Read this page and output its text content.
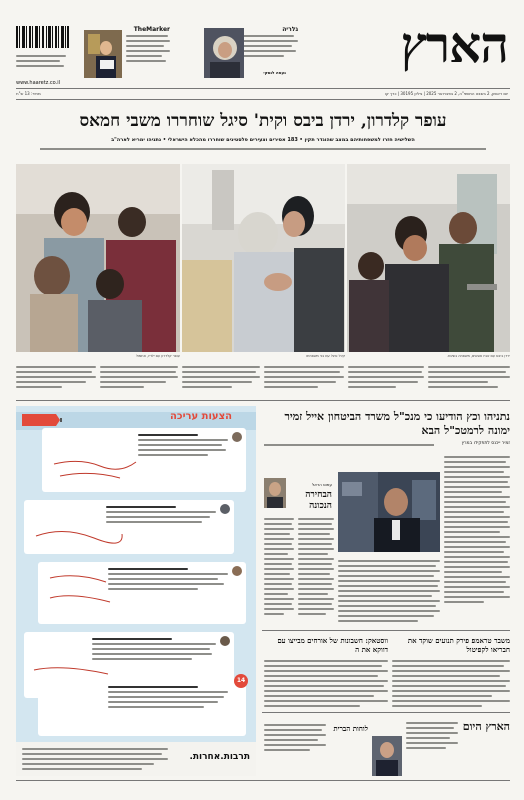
הארץ
גלריה
נעמה לנסקי
TheMarker
www.haaretz.co.il
יום ראשון, 2 בשבט התשפ"ה, 2 בפברואר 2025 | גיליון 30195 | כרך קו
מחיר: 13 ש"ח
עופר קלדרון, ירדן ביבס וקית' סיגל שוחררו משבי חמאס
השלישיה חזרו למשפחותיהם במצב שהוגדר תקין • 183 אסירים וצעירים פלסטינים שוחררו מהכלא הישראלי • נתניהו ימריא לארה"ב
ירדן ביבס עם אביו פוגשים, משפחה בשיבא
קית' סיגל עם בני משפחתו
עופר קלדרון עם ילדיו, אתמול
נתניהו וכץ הודיעו כי מנכ"ל משרד הביטחון אייל זמיר ימונה לרמטכ"ל הבא
זמיר ייכנס לתפקידו במרץ
עמוס הראל
הבחירה הנכונה
משבר טראמפ פירק תנועים שוקד את חבריאו לקפיטול
ווסטאק: חשבונות של אורחים מבייצו עם דווקא את ה
הארץ היום
לוחות הברית
הצעות עריכה
14
תרבות.אחרות.
